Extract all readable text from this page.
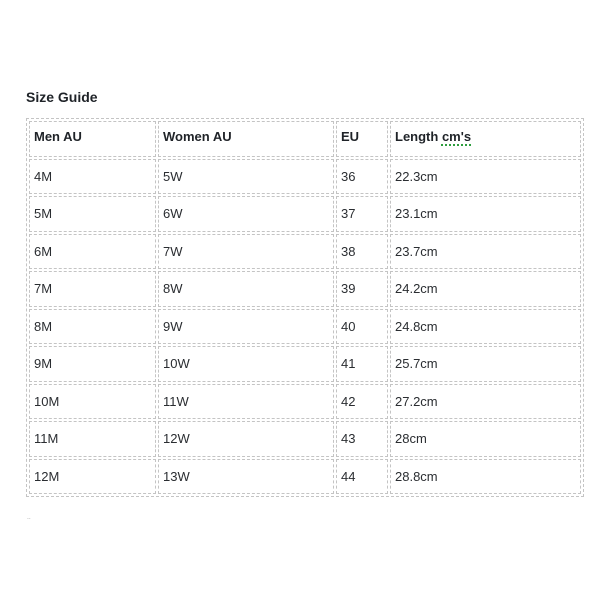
Size Guide
Men AU	Women AU	EU	Length cm's
4M	5W	36	22.3cm
5M	6W	37	23.1cm
6M	7W	38	23.7cm
7M	8W	39	24.2cm
8M	9W	40	24.8cm
9M	10W	41	25.7cm
10M	11W	42	27.2cm
11M	12W	43	28cm
12M	13W	44	28.8cm
‧‧
